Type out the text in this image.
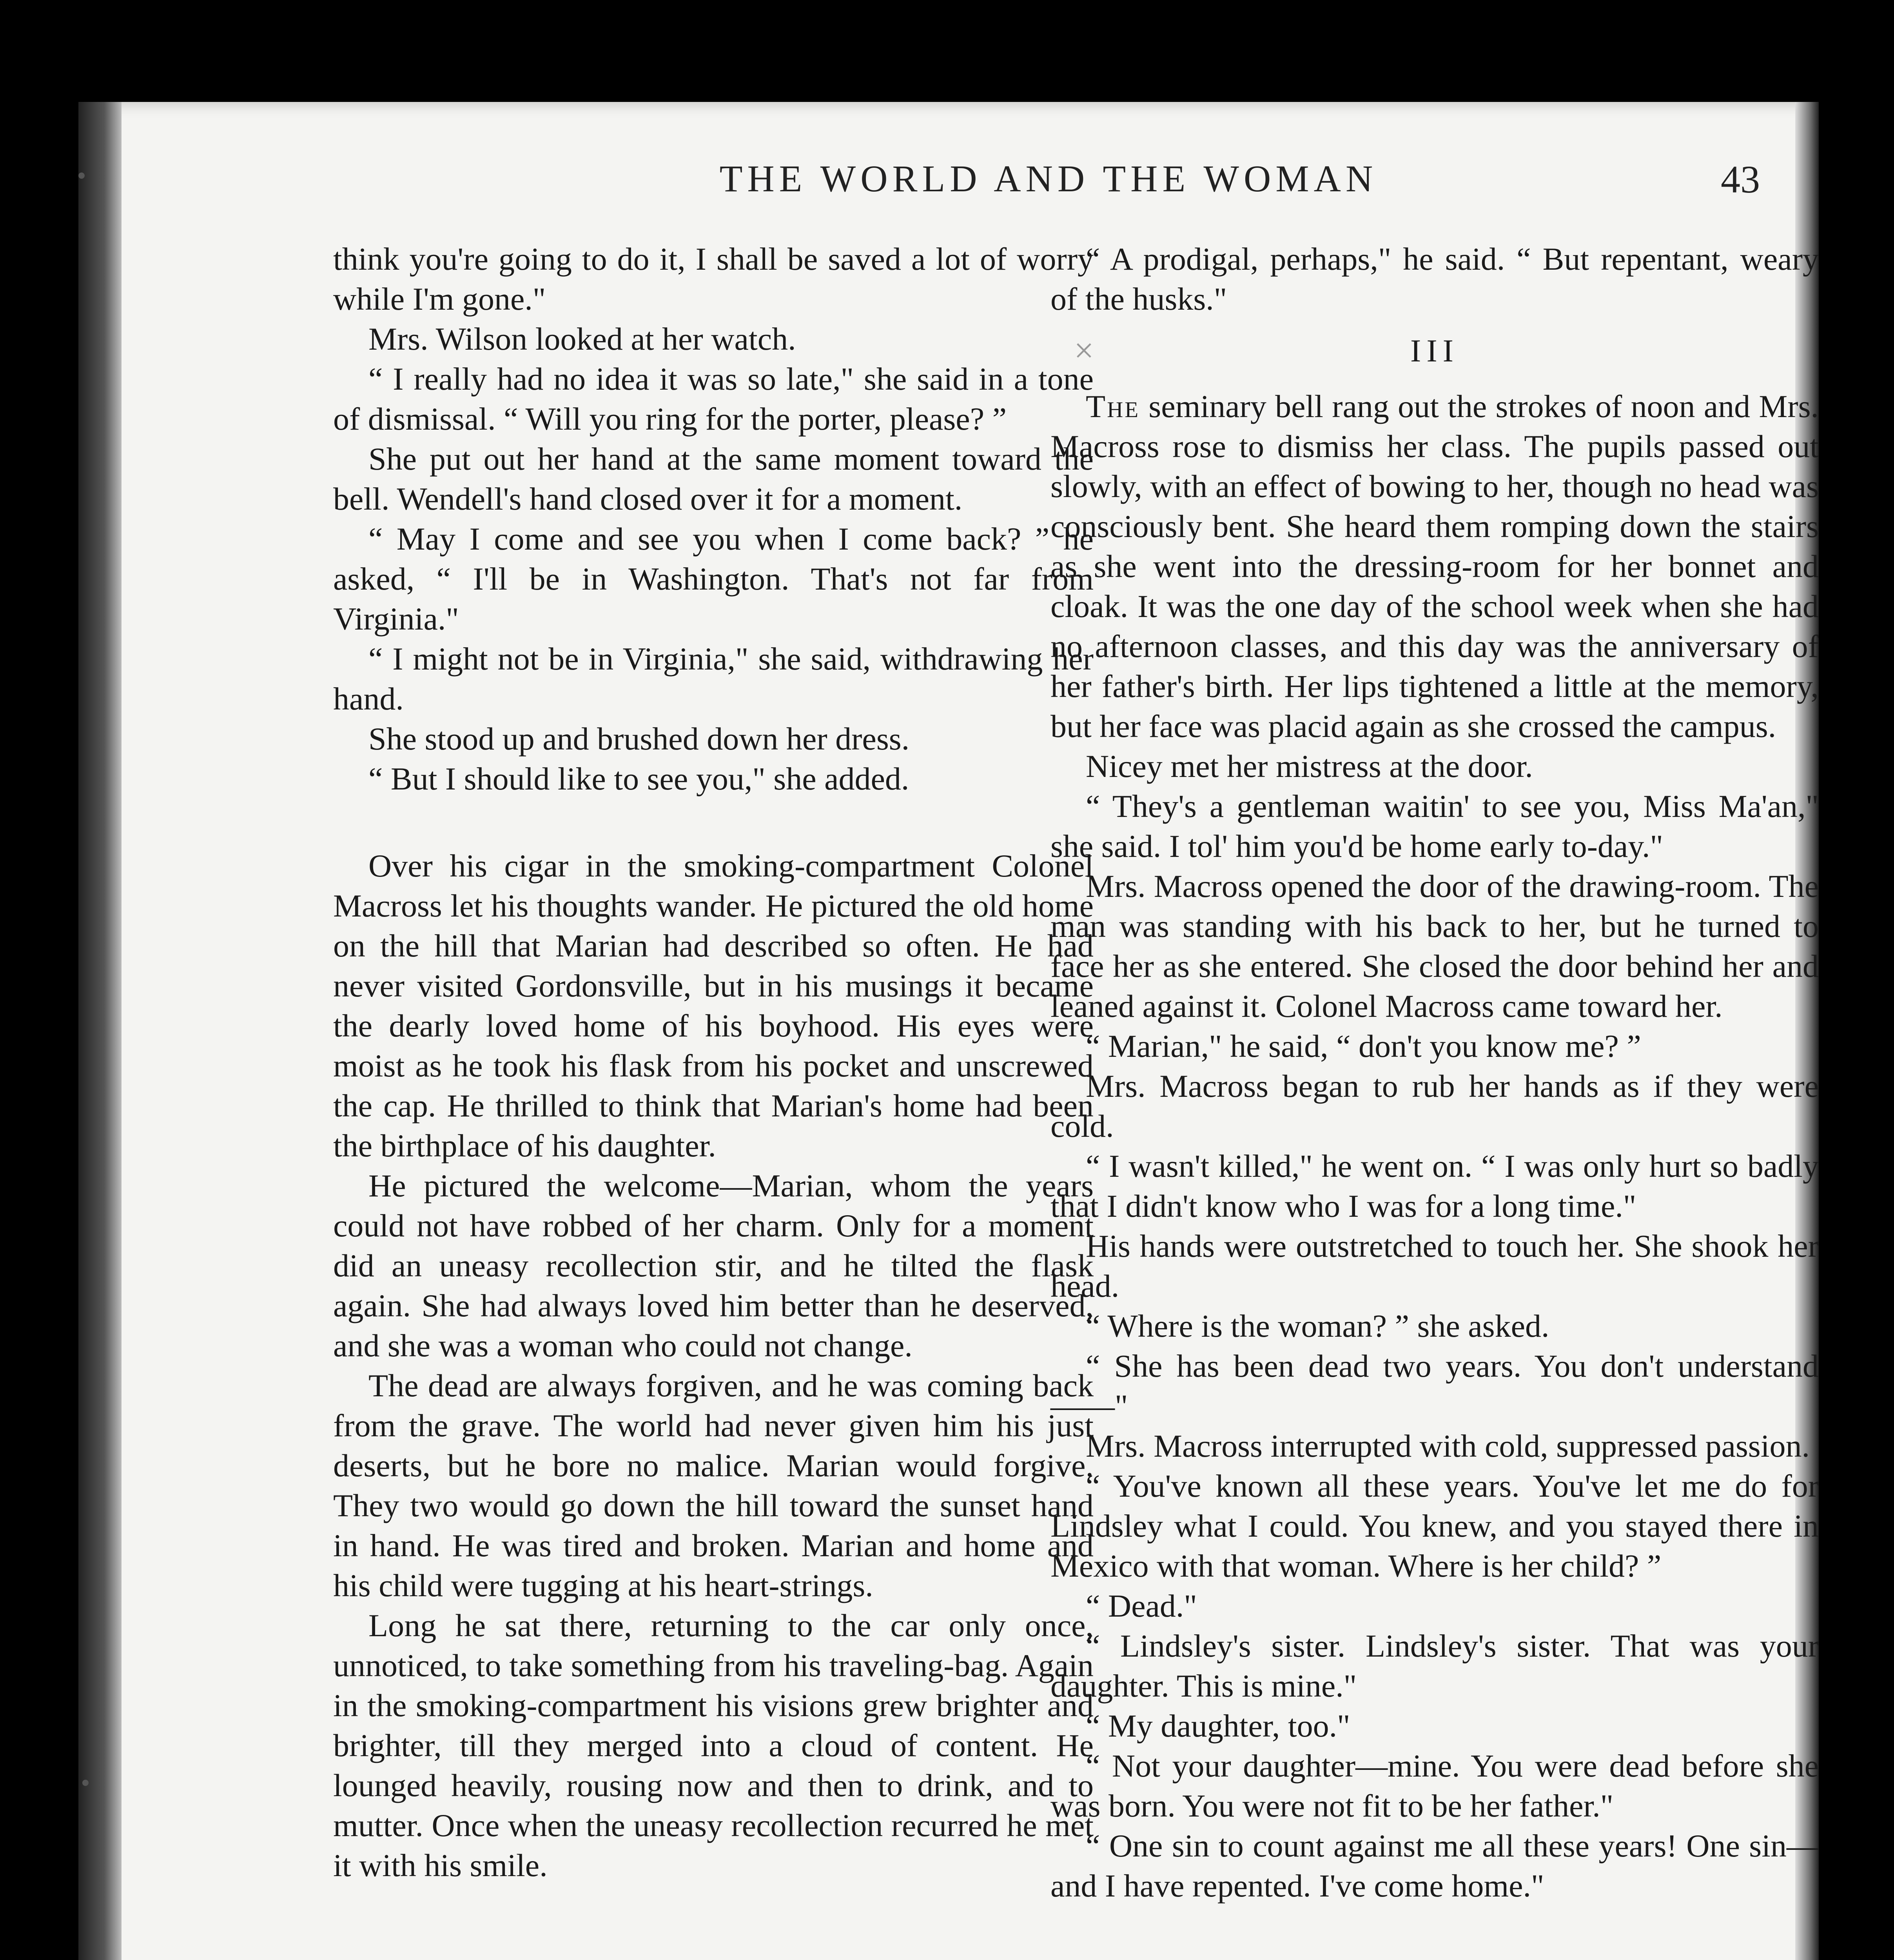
THE WORLD AND THE WOMAN	43

think you're going to do it, I shall be saved a lot of worry while I'm gone."

Mrs. Wilson looked at her watch.

“ I really had no idea it was so late," she said in a tone of dismissal. “ Will you ring for the porter, please? ”

She put out her hand at the same moment toward the bell. Wendell's hand closed over it for a moment.

“ May I come and see you when I come back? ” he asked, “ I'll be in Washington. That's not far from Virginia."

“ I might not be in Virginia," she said, withdrawing her hand.

She stood up and brushed down her dress.

“ But I should like to see you," she added.

Over his cigar in the smoking-compartment Colonel Macross let his thoughts wander. He pictured the old home on the hill that Marian had described so often. He had never visited Gordonsville, but in his musings it became the dearly loved home of his boyhood. His eyes were moist as he took his flask from his pocket and unscrewed the cap. He thrilled to think that Marian's home had been the birthplace of his daughter.

He pictured the welcome—Marian, whom the years could not have robbed of her charm. Only for a moment did an uneasy recollection stir, and he tilted the flask again. She had always loved him better than he deserved, and she was a woman who could not change.

The dead are always forgiven, and he was coming back from the grave. The world had never given him his just deserts, but he bore no malice. Marian would forgive. They two would go down the hill toward the sunset hand in hand. He was tired and broken. Marian and home and his child were tugging at his heart-strings.

Long he sat there, returning to the car only once, unnoticed, to take something from his traveling-bag. Again in the smoking-compartment his visions grew brighter and brighter, till they merged into a cloud of content. He lounged heavily, rousing now and then to drink, and to mutter. Once when the uneasy recollection recurred he met it with his smile.

“ A prodigal, perhaps," he said. “ But repentant, weary of the husks."

×	III

The seminary bell rang out the strokes of noon and Mrs. Macross rose to dismiss her class. The pupils passed out slowly, with an effect of bowing to her, though no head was consciously bent. She heard them romping down the stairs as she went into the dressing-room for her bonnet and cloak. It was the one day of the school week when she had no afternoon classes, and this day was the anniversary of her father's birth. Her lips tightened a little at the memory, but her face was placid again as she crossed the campus.

Nicey met her mistress at the door.

“ They's a gentleman waitin' to see you, Miss Ma'an," she said. I tol' him you'd be home early to-day."

Mrs. Macross opened the door of the drawing-room. The man was standing with his back to her, but he turned to face her as she entered. She closed the door behind her and leaned against it. Colonel Macross came toward her.

“ Marian," he said, “ don't you know me? ”

Mrs. Macross began to rub her hands as if they were cold.

“ I wasn't killed," he went on. “ I was only hurt so badly that I didn't know who I was for a long time."

His hands were outstretched to touch her. She shook her head.

“ Where is the woman? ” she asked.

“ She has been dead two years. You don't understand——"

Mrs. Macross interrupted with cold, suppressed passion.

“ You've known all these years. You've let me do for Lindsley what I could. You knew, and you stayed there in Mexico with that woman. Where is her child? ”

“ Dead."

“ Lindsley's sister. Lindsley's sister. That was your daughter. This is mine."

“ My daughter, too."

“ Not your daughter—mine. You were dead before she was born. You were not fit to be her father."

“ One sin to count against me all these years! One sin—and I have repented. I've come home."
